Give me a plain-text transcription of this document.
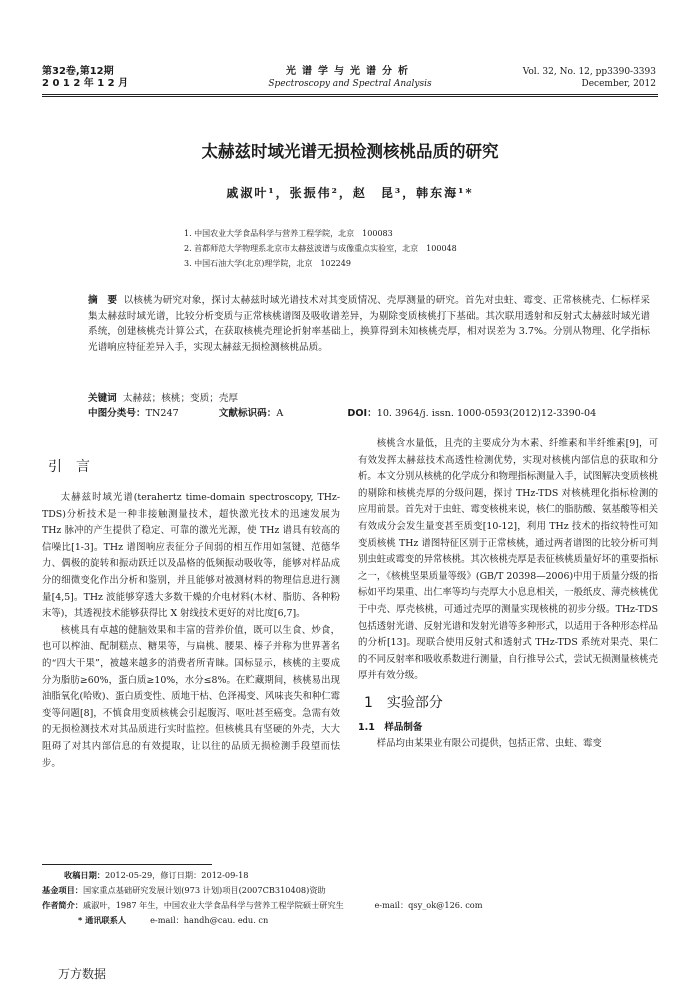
第32卷,第12期
2 0 1 2 年 1 2 月
光谱学与光谱分析
Spectroscopy and Spectral Analysis
Vol. 32, No. 12, pp3390-3393
December, 2012
太赫兹时域光谱无损检测核桃品质的研究
戚淑叶¹，张振伟²，赵　昆³，韩东海¹*
1. 中国农业大学食品科学与营养工程学院，北京　100083
2. 首都师范大学物理系北京市太赫兹波谱与成像重点实验室，北京　100048
3. 中国石油大学(北京)理学院，北京　102249
摘　要 以核桃为研究对象，探讨太赫兹时域光谱技术对其变质情况、壳厚测量的研究。首先对虫蛀、霉变、正常核桃壳、仁标样采集太赫兹时域光谱，比较分析变质与正常核桃谱图及吸收谱差异，为剔除变质核桃打下基础。其次联用透射和反射式太赫兹时域光谱系统，创建核桃壳计算公式，在获取核桃壳理论折射率基础上，换算得到未知核桃壳厚，相对误差为 3.7%。分别从物理、化学指标光谱响应特征差异入手，实现太赫兹无损检测核桃品质。
关键词 太赫兹；核桃；变质；壳厚
中图分类号：TN247	文献标识码：A	DOI：10. 3964/j. issn. 1000-0593(2012)12-3390-04
引　言

太赫兹时域光谱(terahertz time-domain spectroscopy, THz-TDS)分析技术是一种非接触测量技术，超快激光技术的迅速发展为 THz 脉冲的产生提供了稳定、可靠的激光光源，使 THz 谱具有较高的信噪比[1-3]。THz 谱图响应表征分子间弱的相互作用如氢键、范德华力、偶极的旋转和振动跃迁以及晶格的低频振动吸收等，能够对样品成分的细微变化作出分析和鉴别，并且能够对被测材料的物理信息进行测量[4,5]。THz 波能够穿透大多数干燥的介电材料(木材、脂肪、各种粉末等)，其透视技术能够获得比 X 射线技术更好的对比度[6,7]。

核桃具有卓越的健脑效果和丰富的营养价值，既可以生食、炒食，也可以榨油、配制糕点、糖果等，与扁桃、腰果、榛子并称为世界著名的“四大干果”，被越来越多的消费者所青睐。国标显示，核桃的主要成分为脂肪≥60%，蛋白质≥10%，水分≤8%。在贮藏期间，核桃易出现油脂氧化(哈败)、蛋白质变性、质地干枯、色泽褐变、风味丧失和种仁霉变等问题[8]，不慎食用变质核桃会引起腹泻、呕吐甚至癌变。急需有效的无损检测技术对其品质进行实时监控。但核桃具有坚硬的外壳，大大阻碍了对其内部信息的有效提取，让以往的品质无损检测手段望而怯步。

核桃含水量低，且壳的主要成分为木素、纤维素和半纤维素[9]，可有效发挥太赫兹技术高透性检测优势，实现对核桃内部信息的获取和分析。本文分别从核桃的化学成分和物理指标测量入手，试图解决变质核桃的剔除和核桃壳厚的分级问题，探讨 THz-TDS 对核桃理化指标检测的应用前景。首先对于虫蛀、霉变核桃来说，核仁的脂肪酸、氨基酸等相关有效成分会发生量变甚至质变[10-12]，利用 THz 技术的指纹特性可知变质核桃 THz 谱图特征区别于正常核桃，通过两者谱图的比较分析可判别虫蛀或霉变的异常核桃。其次核桃壳厚是表征核桃质量好坏的重要指标之一，《核桃坚果质量等级》(GB/T 20398—2006)中用于质量分级的指标如平均果重、出仁率等均与壳厚大小息息相关，一般纸皮、薄壳核桃优于中壳、厚壳核桃，可通过壳厚的测量实现核桃的初步分级。THz-TDS 包括透射光谱、反射光谱和发射光谱等多种形式，以适用于各种形态样品的分析[13]。现联合使用反射式和透射式 THz-TDS 系统对果壳、果仁的不同反射率和吸收系数进行测量，自行推导公式，尝试无损测量核桃壳厚并有效分级。

1　实验部分
1.1　样品制备

样品均由某果业有限公司提供，包括正常、虫蛀、霉变

收稿日期：2012-05-29，修订日期：2012-09-18
基金项目：国家重点基础研究发展计划(973 计划)项目(2007CB310408)资助
作者简介：戚淑叶，1987 年生，中国农业大学食品科学与营养工程学院硕士研究生	e-mail：qsy_ok@126. com
* 通讯联系人	e-mail：handh@cau. edu. cn
万方数据
